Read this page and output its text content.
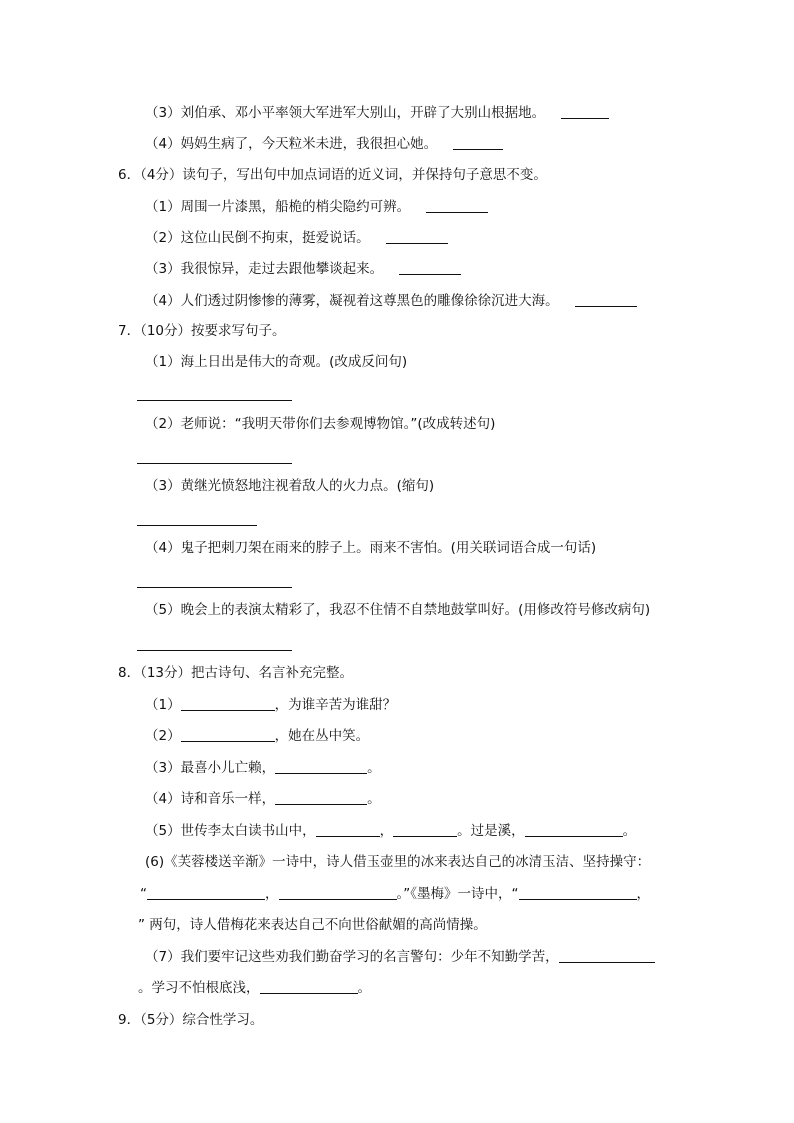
（3）刘伯承、邓小平率领大军进军大别山，开辟了大别山根据地。
（4）妈妈生病了，今天粒米未进，我很担心她。
6．（4分）读句子，写出句中加点词语的近义词，并保持句子意思不变。
（1）周围一片漆黑，船桅的梢尖隐约可辨。
（2）这位山民倒不拘束，挺爱说话。
（3）我很惊异，走过去跟他攀谈起来。
（4）人们透过阴惨惨的薄雾，凝视着这尊黑色的雕像徐徐沉进大海。
7．（10分）按要求写句子。
（1）海上日出是伟大的奇观。(改成反问句)
（2）老师说：“我明天带你们去参观博物馆。”(改成转述句)
（3）黄继光愤怒地注视着敌人的火力点。(缩句)
（4）鬼子把刺刀架在雨来的脖子上。雨来不害怕。(用关联词语合成一句话)
（5）晚会上的表演太精彩了，我忍不住情不自禁地鼓掌叫好。(用修改符号修改病句)
8．（13分）把古诗句、名言补充完整。
（1）	，为谁辛苦为谁甜？
（2）	，她在丛中笑。
（3）最喜小儿亡赖，	。
（4）诗和音乐一样，	。
（5）世传李太白读书山中，	，	。过是溪，	。
(6)《芙蓉楼送辛渐》一诗中，诗人借玉壶里的冰来表达自己的冰清玉洁、坚持操守：
“	，	。”《墨梅》一诗中，“	，
” 两句，诗人借梅花来表达自己不向世俗献媚的高尚情操。
（7）我们要牢记这些劝我们勤奋学习的名言警句：少年不知勤学苦，
。学习不怕根底浅，	。
9．（5分）综合性学习。
